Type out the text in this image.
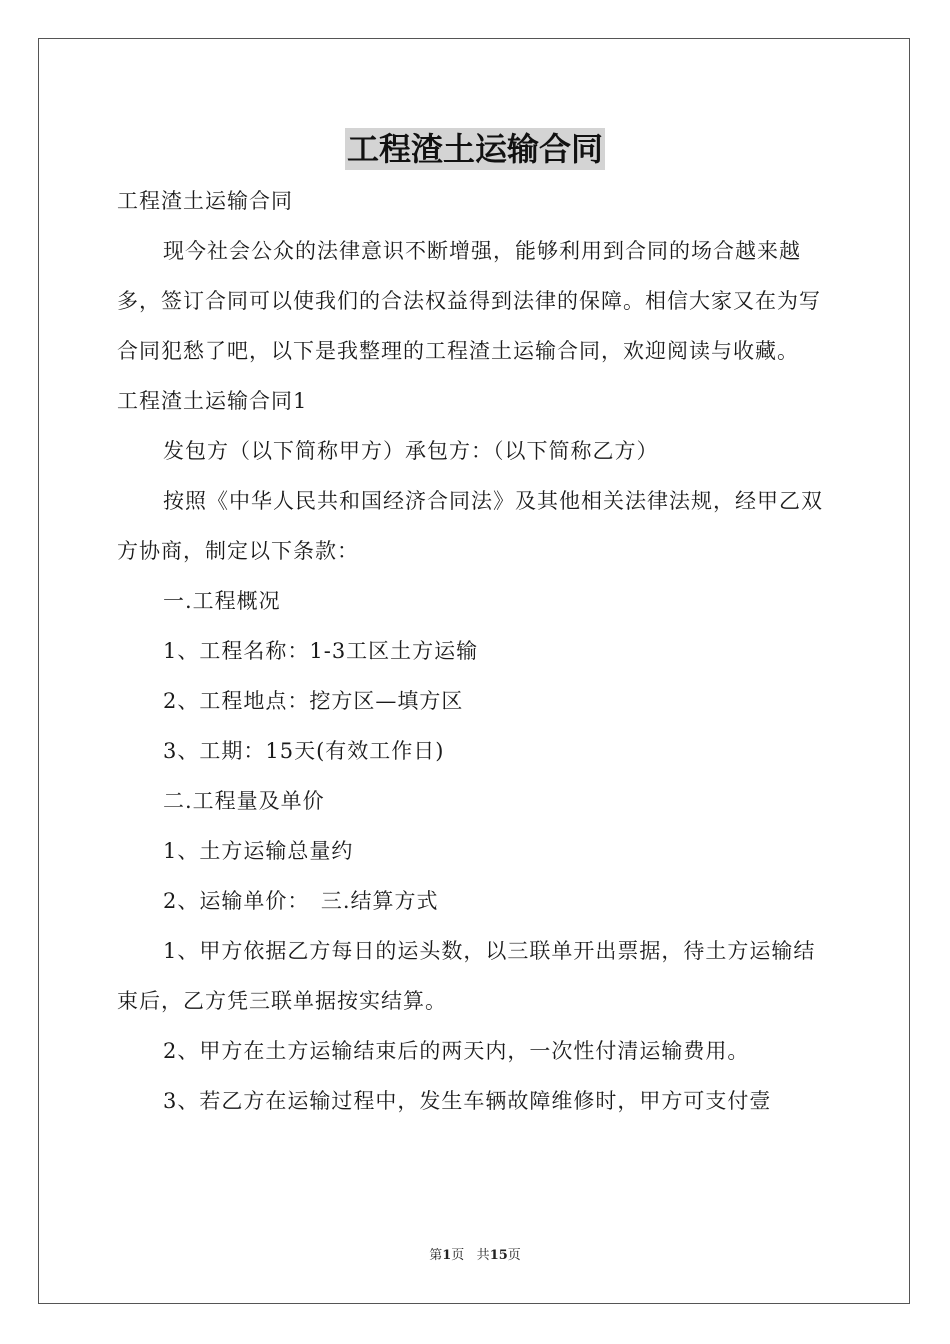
工程渣土运输合同

工程渣土运输合同

现今社会公众的法律意识不断增强，能够利用到合同的场合越来越多，签订合同可以使我们的合法权益得到法律的保障。相信大家又在为写合同犯愁了吧，以下是我整理的工程渣土运输合同，欢迎阅读与收藏。

工程渣土运输合同1

发包方（以下简称甲方）承包方：（以下简称乙方）

按照《中华人民共和国经济合同法》及其他相关法律法规，经甲乙双方协商，制定以下条款：

一.工程概况

1、工程名称：1-3工区土方运输

2、工程地点：挖方区—填方区

3、工期：15天(有效工作日)

二.工程量及单价

1、土方运输总量约

2、运输单价：　三.结算方式

1、甲方依据乙方每日的运头数，以三联单开出票据，待土方运输结束后，乙方凭三联单据按实结算。

2、甲方在土方运输结束后的两天内，一次性付清运输费用。

3、若乙方在运输过程中，发生车辆故障维修时，甲方可支付壹

第1页 共15页
